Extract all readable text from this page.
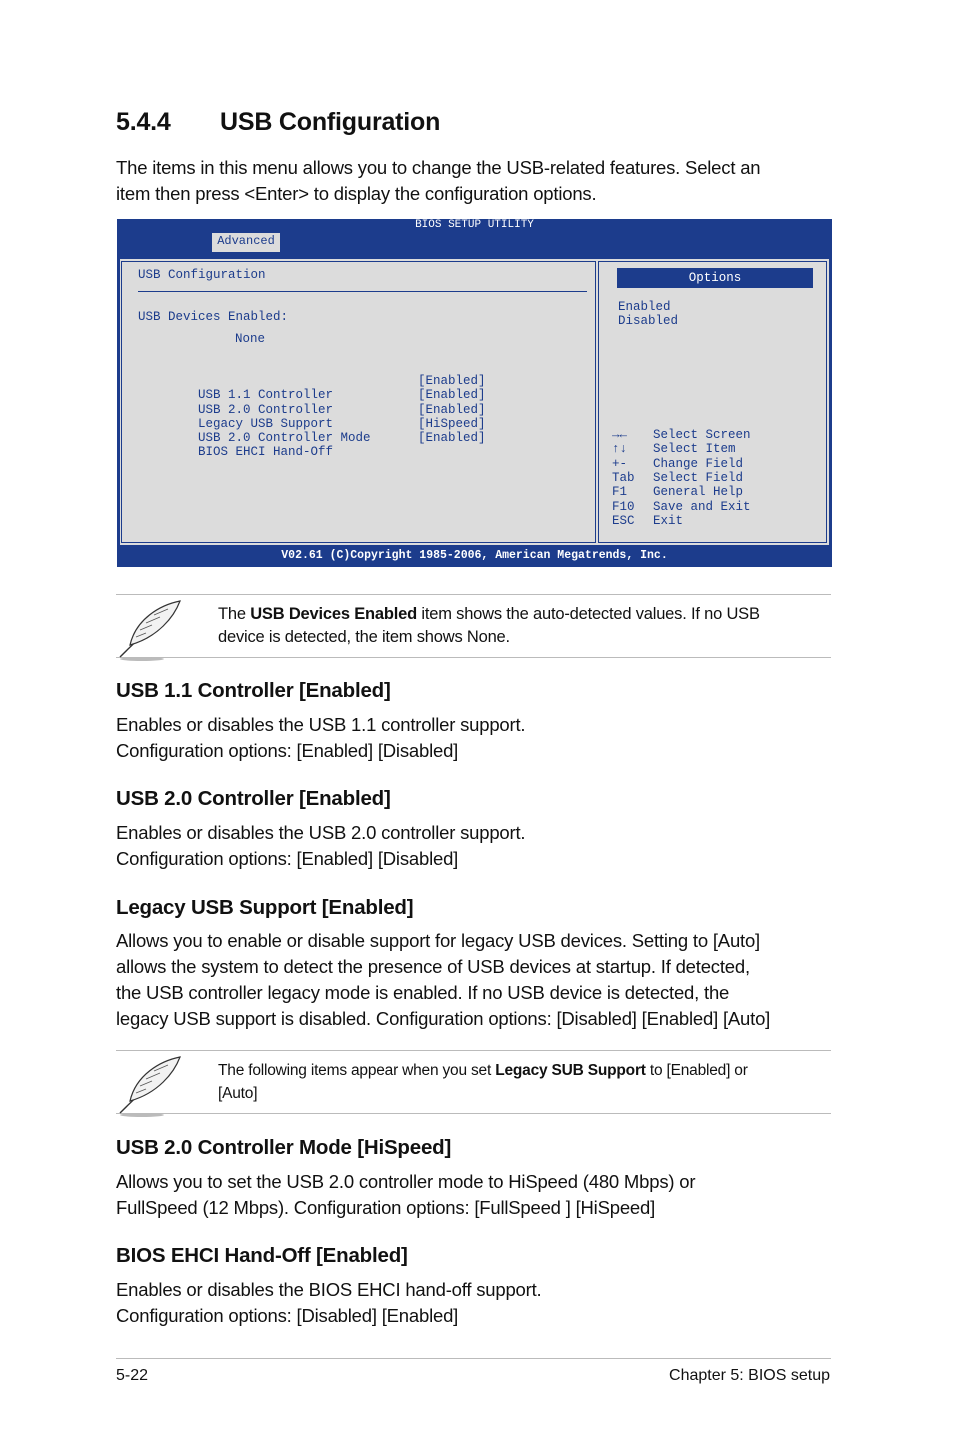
5.4.4 USB Configuration

The items in this menu allows you to change the USB-related features. Select an
item then press <Enter> to display the configuration options.

BIOS SETUP UTILITY
Advanced
USB Configuration
USB Devices Enabled:
None

USB 1.1 Controller

[Enabled]

USB 2.0 Controller

[Enabled]

Legacy USB Support

[Enabled]

USB 2.0 Controller Mode

[HiSpeed]

BIOS EHCI Hand-Off

[Enabled]
Options
Enabled
Disabled
→← Select Screen
↑↓ Select Item
+- Change Field
Tab Select Field
F1 General Help
F10 Save and Exit
ESC Exit
V02.61 (C)Copyright 1985-2006, American Megatrends, Inc.
The USB Devices Enabled item shows the auto-detected values. If no USB
device is detected, the item shows None.
USB 1.1 Controller [Enabled]

Enables or disables the USB 1.1 controller support.
Configuration options: [Enabled] [Disabled]

USB 2.0 Controller [Enabled]

Enables or disables the USB 2.0 controller support.
Configuration options: [Enabled] [Disabled]

Legacy USB Support [Enabled]

Allows you to enable or disable support for legacy USB devices. Setting to [Auto]
allows the system to detect the presence of USB devices at startup. If detected,
the USB controller legacy mode is enabled. If no USB device is detected, the
legacy USB support is disabled. Configuration options: [Disabled] [Enabled] [Auto]

The following items appear when you set Legacy SUB Support to [Enabled] or
[Auto]
USB 2.0 Controller Mode [HiSpeed]

Allows you to set the USB 2.0 controller mode to HiSpeed (480 Mbps) or
FullSpeed (12 Mbps). Configuration options: [FullSpeed ] [HiSpeed]

BIOS EHCI Hand-Off [Enabled]

Enables or disables the BIOS EHCI hand-off support.
Configuration options: [Disabled] [Enabled]

5-22	Chapter 5: BIOS setup
